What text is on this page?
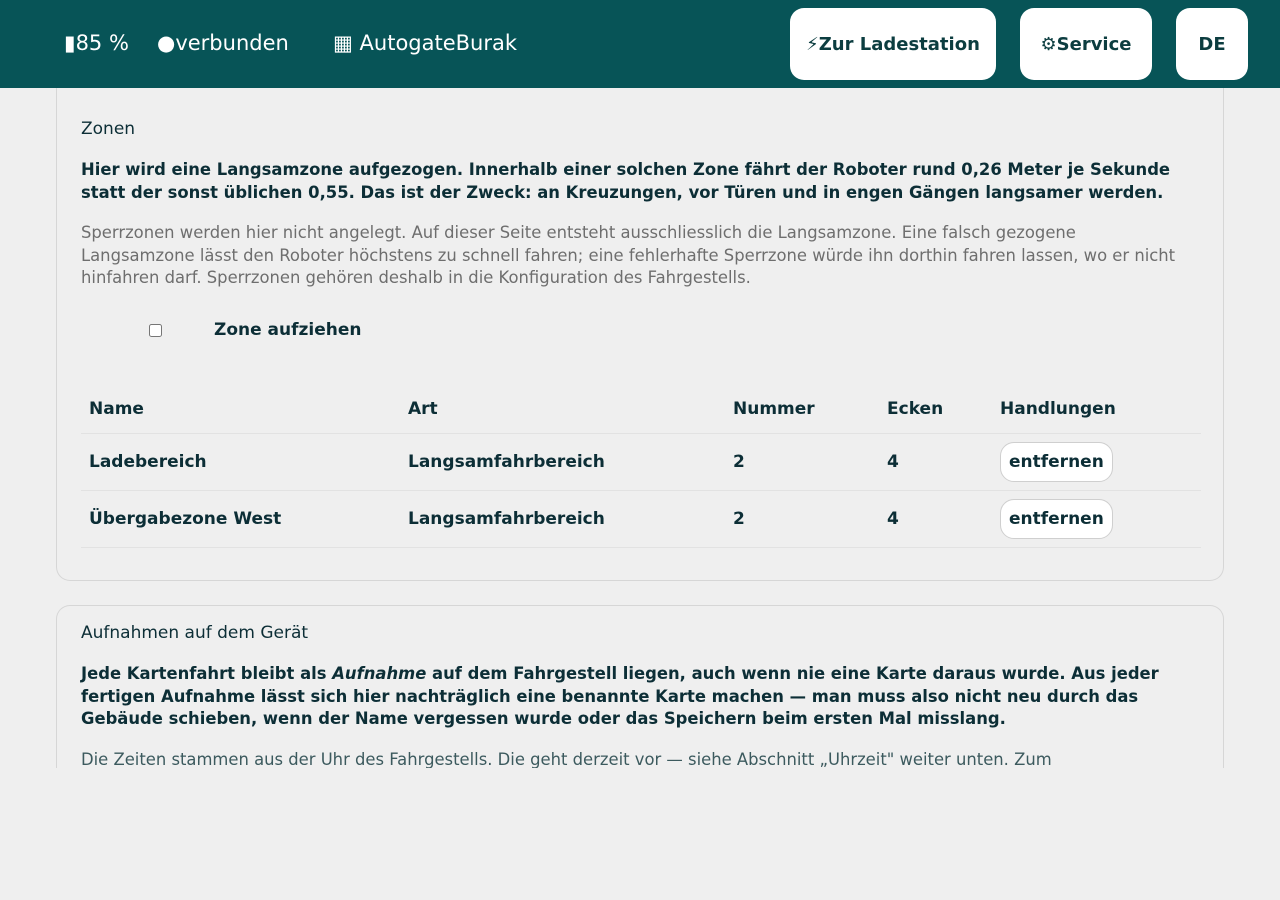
▮85 % ●verbunden ▦ AutogateBurak	⚡ Zur Ladestation	⚙ Service	DE
Zonen

Hier wird eine Langsamzone aufgezogen. Innerhalb einer solchen Zone fährt der Roboter rund 0,26 Meter je Sekunde statt der sonst üblichen 0,55. Das ist der Zweck: an Kreuzungen, vor Türen und in engen Gängen langsamer werden.

Sperrzonen werden hier nicht angelegt. Auf dieser Seite entsteht ausschliesslich die Langsamzone. Eine falsch gezogene Langsamzone lässt den Roboter höchstens zu schnell fahren; eine fehlerhafte Sperrzone würde ihn dorthin fahren lassen, wo er nicht hinfahren darf. Sperrzonen gehören deshalb in die Konfiguration des Fahrgestells.

Zone aufziehen
Name	Art	Nummer	Ecken	Handlungen
Ladebereich	Langsamfahrbereich	2	4	entfernen
Übergabezone West	Langsamfahrbereich	2	4	entfernen
Aufnahmen auf dem Gerät

Jede Kartenfahrt bleibt als Aufnahme auf dem Fahrgestell liegen, auch wenn nie eine Karte daraus wurde. Aus jeder fertigen Aufnahme lässt sich hier nachträglich eine benannte Karte machen — man muss also nicht neu durch das Gebäude schieben, wenn der Name vergessen wurde oder das Speichern beim ersten Mal misslang.

Die Zeiten stammen aus der Uhr des Fahrgestells. Die geht derzeit vor — siehe Abschnitt „Uhrzeit" weiter unten. Zum
